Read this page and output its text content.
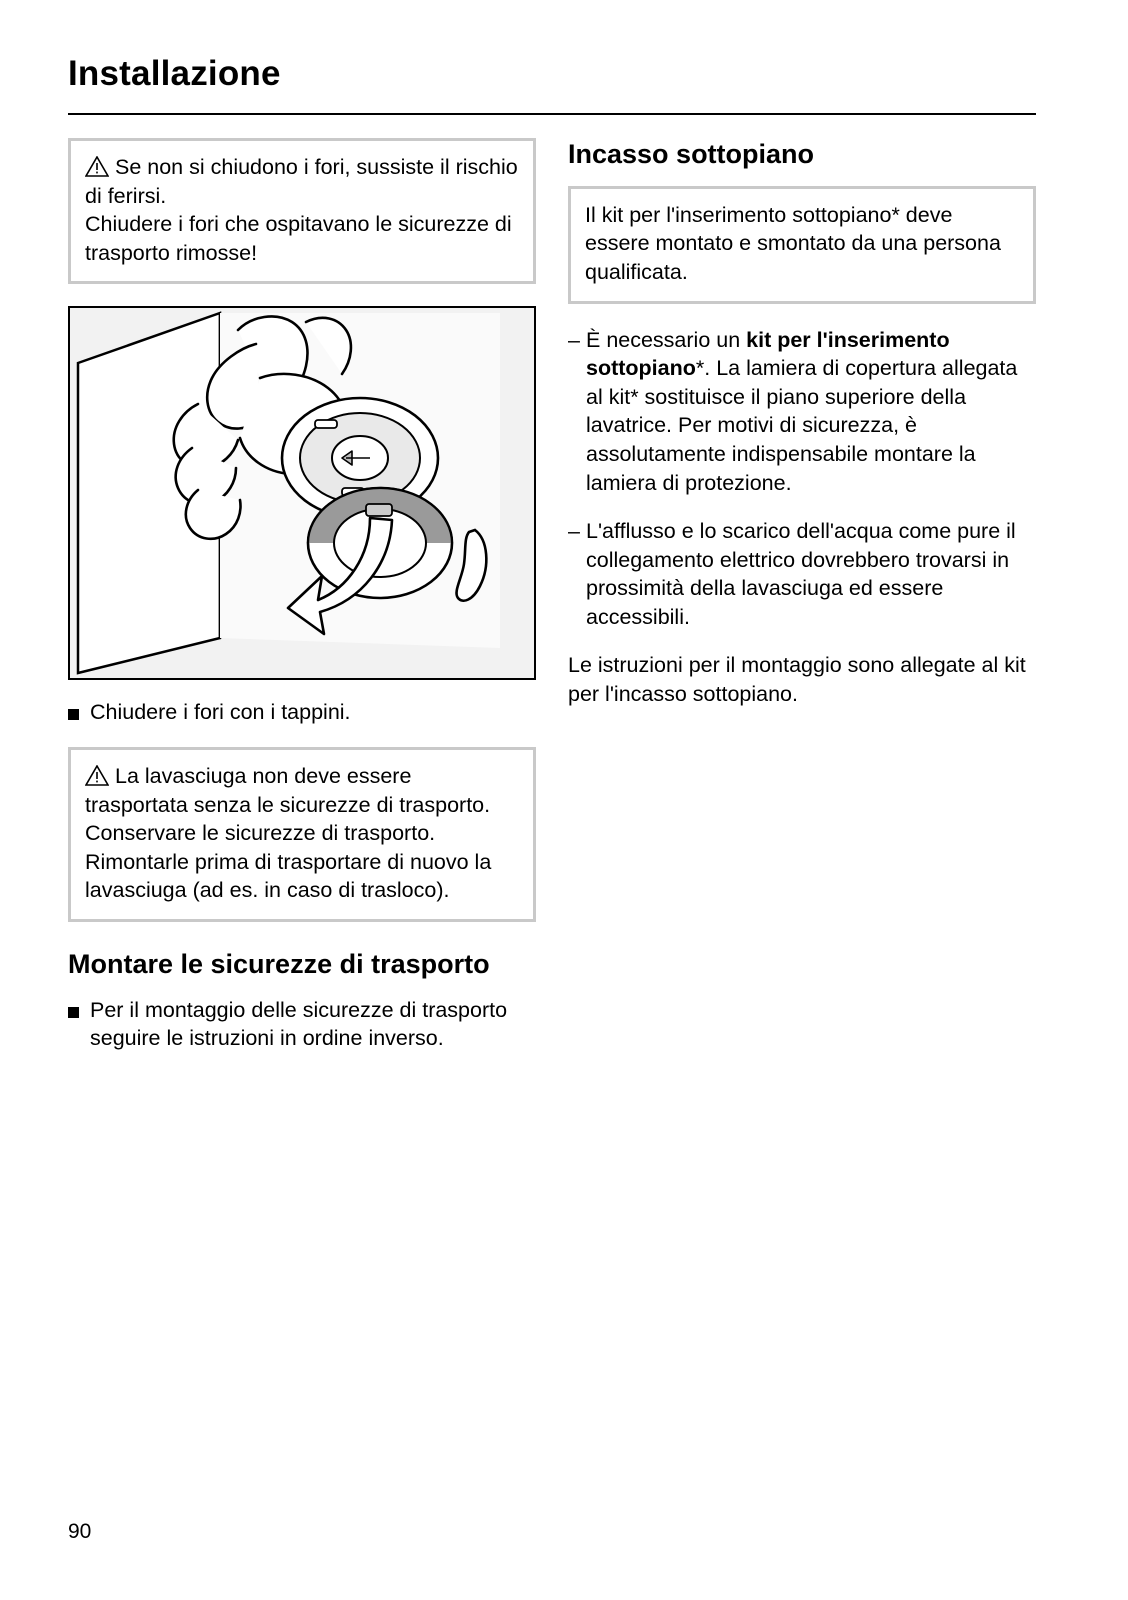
Installazione

Se non si chiudono i fori, sussiste il rischio di ferirsi.

Chiudere i fori che ospitavano le sicurezze di trasporto rimosse!

Chiudere i fori con i tappini.

La lavasciuga non deve essere trasportata senza le sicurezze di trasporto.

Conservare le sicurezze di trasporto. Rimontarle prima di trasportare di nuovo la lavasciuga (ad es. in caso di trasloco).

Montare le sicurezze di trasporto
Per il montaggio delle sicurezze di trasporto seguire le istruzioni in ordine inverso.
Incasso sottopiano

Il kit per l'inserimento sottopiano* deve essere montato e smontato da una persona qualificata.

– È necessario un kit per l'inserimento sottopiano*. La lamiera di copertura allegata al kit* sostituisce il piano superiore della lavatrice. Per motivi di sicurezza, è assolutamente indispensabile montare la lamiera di protezione.
– L'afflusso e lo scarico dell'acqua come pure il collegamento elettrico dovrebbero trovarsi in prossimità della lavasciuga ed essere accessibili.

Le istruzioni per il montaggio sono allegate al kit per l'incasso sottopiano.

90
